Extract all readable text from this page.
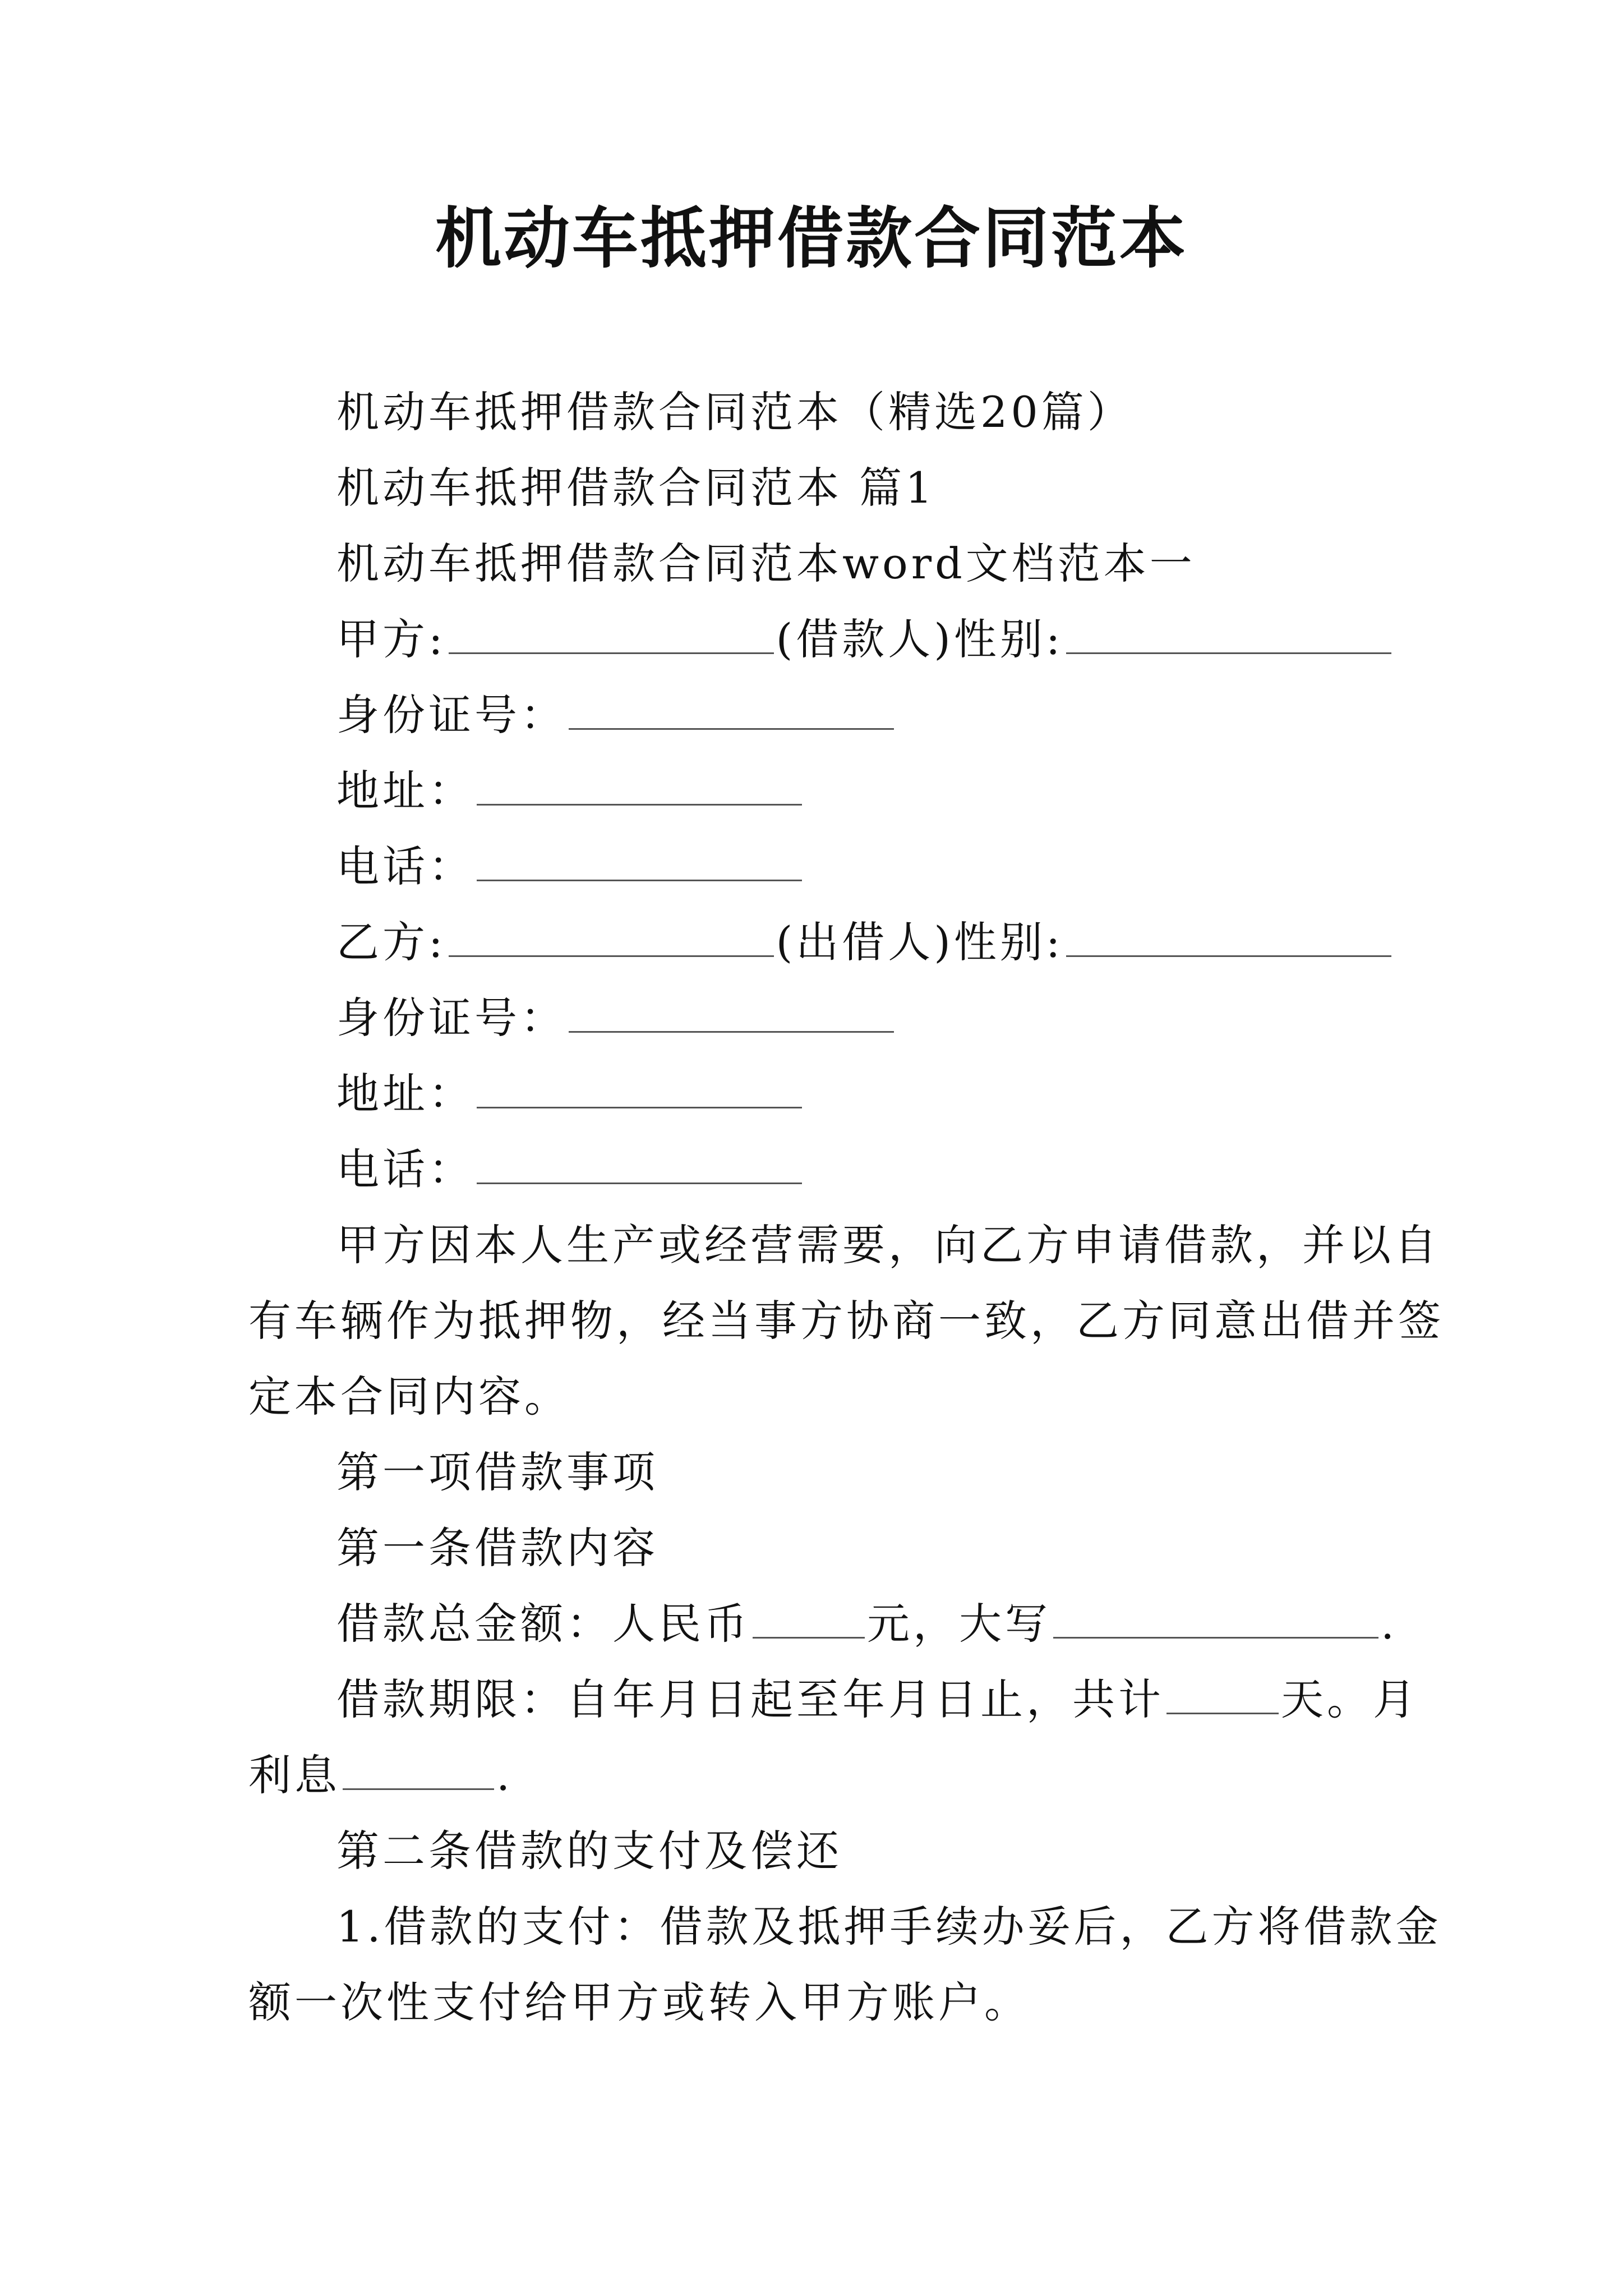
机动车抵押借款合同范本
机动车抵押借款合同范本（精选20篇）
机动车抵押借款合同范本 篇1
机动车抵押借款合同范本word文档范本一
甲方:	(借款人)性别:
身份证号：
地址：
电话：
乙方:	(出借人)性别:
身份证号：
地址：
电话：
甲方因本人生产或经营需要，向乙方申请借款，并以自
有车辆作为抵押物，经当事方协商一致，乙方同意出借并签
定本合同内容。
第一项借款事项
第一条借款内容
借款总金额：人民币	元，大写	.
借款期限：自年月日起至年月日止，共计	天。月
利息	.
第二条借款的支付及偿还
1.借款的支付：借款及抵押手续办妥后，乙方将借款金
额一次性支付给甲方或转入甲方账户。
